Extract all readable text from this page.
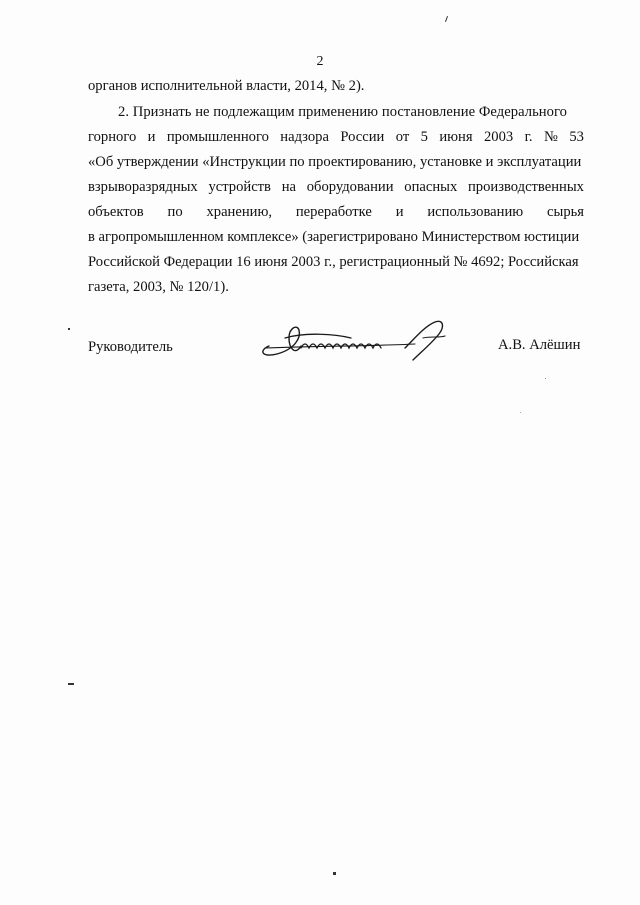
2
органов исполнительной власти, 2014, № 2).
2. Признать не подлежащим применению постановление Федерального
горного и промышленного надзора России от 5 июня 2003 г. № 53
«Об утверждении «Инструкции по проектированию, установке и эксплуатации
взрыворазрядных устройств на оборудовании опасных производственных
объектов по хранению, переработке и использованию сырья
в агропромышленном комплексе» (зарегистрировано Министерством юстиции
Российской Федерации 16 июня 2003 г., регистрационный № 4692; Российская
газета, 2003, № 120/1).
Руководитель	А.В. Алёшин
